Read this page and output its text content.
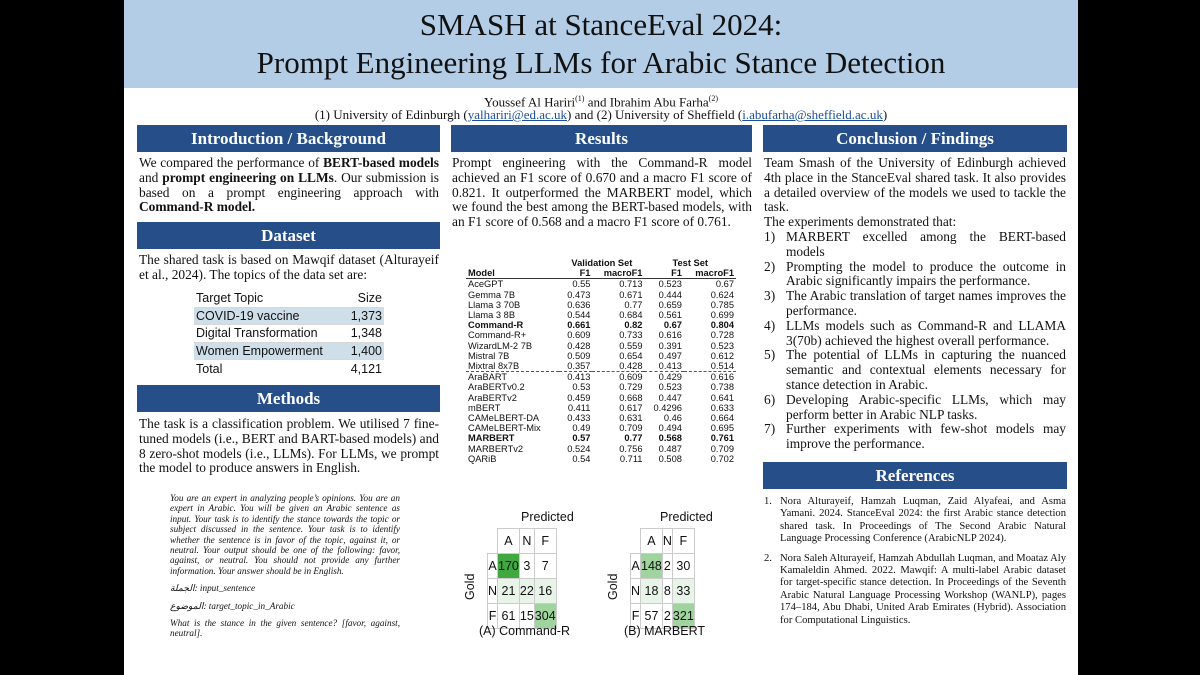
SMASH at StanceEval 2024:
Prompt Engineering LLMs for Arabic Stance Detection
Youssef Al Hariri$^{(1)}$ and Ibrahim Abu Farha$^{(2)}$
(1) University of Edinburgh (yalhariri@ed.ac.uk) and (2) University of Sheffield (i.abufarha@sheffield.ac.uk)
Introduction / Background
We compared the performance of BERT-based models and prompt engineering on LLMs. Our submission is based on a prompt engineering approach with Command-R model.
Dataset
The shared task is based on Mawqif dataset (Alturayeif et al., 2024). The topics of the data set are:
Target Topic	Size
COVID-19 vaccine	1,373
Digital Transformation	1,348
Women Empowerment	1,400
Total	4,121
Methods
The task is a classification problem. We utilised 7 fine-tuned models (i.e., BERT and BART-based models) and 8 zero-shot models (i.e., LLMs). For LLMs, we prompt the model to produce answers in English.

You are an expert in analyzing people’s opinions. You are an expert in Arabic. You will be given an Arabic sentence as input. Your task is to identify the stance towards the topic or subject discussed in the sentence. Your task is to identify whether the sentence is in favor of the topic, against it, or neutral. Your output should be one of the following: favor, against, or neutral. You should not provide any further information. Your answer should be in English.

الجملة: input_sentence

الموضوع: target_topic_in_Arabic

What is the stance in the given sentence? [favor, against, neutral].

Results
Prompt engineering with the Command-R model achieved an F1 score of 0.670 and a macro F1 score of 0.821. It outperformed the MARBERT model, which we found the best among the BERT-based models, with an F1 score of 0.568 and a macro F1 score of 0.761.
	Validation Set		Test Set	
Model	F1	macroF1	F1	macroF1
AceGPT	0.55	0.713	0.523	0.67
Gemma 7B	0.473	0.671	0.444	0.624
Llama 3 70B	0.636	0.77	0.659	0.785
Llama 3 8B	0.544	0.684	0.561	0.699
Command-R	0.661	0.82	0.67	0.804
Command-R+	0.609	0.733	0.616	0.728
WizardLM-2 7B	0.428	0.559	0.391	0.523
Mistral 7B	0.509	0.654	0.497	0.612
Mixtral 8x7B	0.357	0.428	0.413	0.514
AraBART	0.413	0.609	0.429	0.616
AraBERTv0.2	0.53	0.729	0.523	0.738
AraBERTv2	0.459	0.668	0.447	0.641
mBERT	0.411	0.617	0.4296	0.633
CAMeLBERT-DA	0.433	0.631	0.46	0.664
CAMeLBERT-Mix	0.49	0.709	0.494	0.695
MARBERT	0.57	0.77	0.568	0.761
MARBERTv2	0.524	0.756	0.487	0.709
QARiB	0.54	0.711	0.508	0.702
Predicted
Gold
	A	N	F
A	170	3	7
N	21	22	16
F	61	15	304
(A) Command-R
Predicted
Gold
	A	N	F
A	148	2	30
N	18	8	33
F	57	2	321
(B) MARBERT
Conclusion / Findings
Team Smash of the University of Edinburgh achieved 4th place in the StanceEval shared task. It also provides a detailed overview of the models we used to tackle the task.
The experiments demonstrated that:
1) MARBERT excelled among the BERT-based models
2) Prompting the model to produce the outcome in Arabic significantly impairs the performance.
3) The Arabic translation of target names improves the performance.
4) LLMs models such as Command-R and LLAMA 3(70b) achieved the highest overall performance.
5) The potential of LLMs in capturing the nuanced semantic and contextual elements necessary for stance detection in Arabic.
6) Developing Arabic-specific LLMs, which may perform better in Arabic NLP tasks.
7) Further experiments with few-shot models may improve the performance.
References
1. Nora Alturayeif, Hamzah Luqman, Zaid Alyafeai, and Asma Yamani. 2024. StanceEval 2024: the first Arabic stance detection shared task. In Proceedings of The Second Arabic Natural Language Processing Conference (ArabicNLP 2024).
2. Nora Saleh Alturayeif, Hamzah Abdullah Luqman, and Moataz Aly Kamaleldin Ahmed. 2022. Mawqif: A multi-label Arabic dataset for target-specific stance detection. In Proceedings of the Seventh Arabic Natural Language Processing Workshop (WANLP), pages 174–184, Abu Dhabi, United Arab Emirates (Hybrid). Association for Computational Linguistics.
